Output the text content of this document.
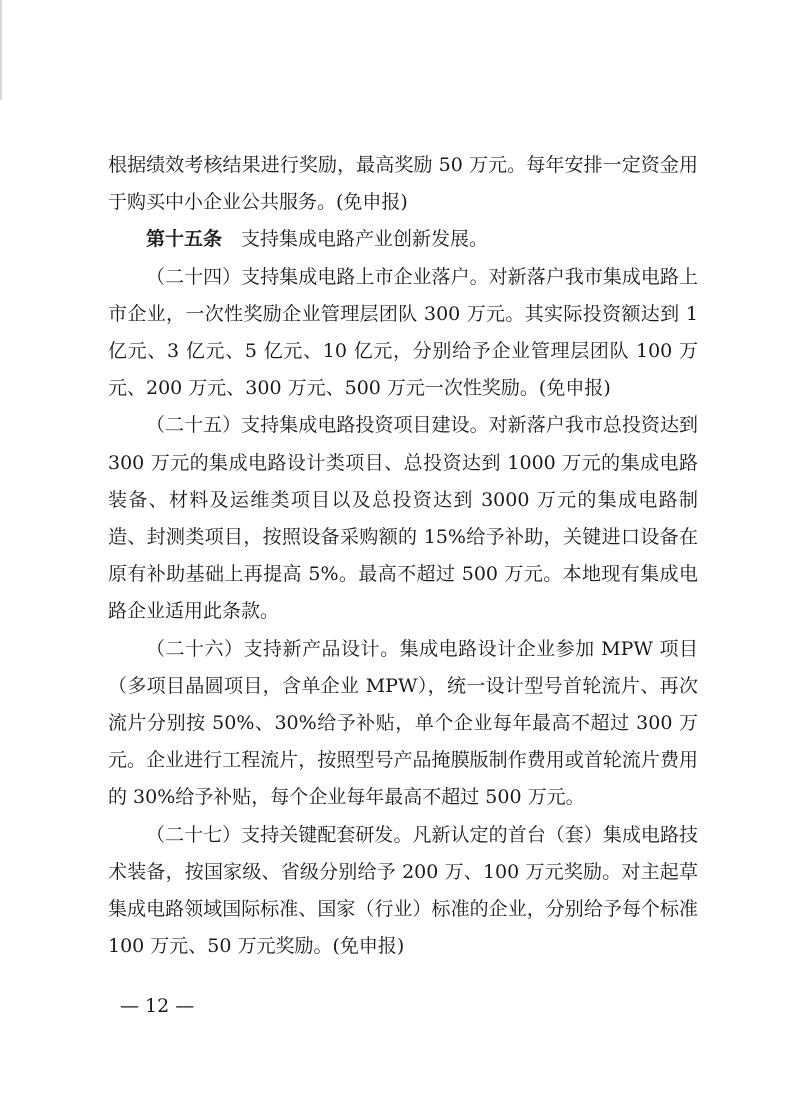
根据绩效考核结果进行奖励，最高奖励 50 万元。每年安排一定资金用于购买中小企业公共服务。(免申报)

第十五条 支持集成电路产业创新发展。

（二十四）支持集成电路上市企业落户。对新落户我市集成电路上市企业，一次性奖励企业管理层团队 300 万元。其实际投资额达到 1 亿元、3 亿元、5 亿元、10 亿元，分别给予企业管理层团队 100 万元、200 万元、300 万元、500 万元一次性奖励。(免申报)

（二十五）支持集成电路投资项目建设。对新落户我市总投资达到 300 万元的集成电路设计类项目、总投资达到 1000 万元的集成电路装备、材料及运维类项目以及总投资达到 3000 万元的集成电路制造、封测类项目，按照设备采购额的 15%给予补助，关键进口设备在原有补助基础上再提高 5%。最高不超过 500 万元。本地现有集成电路企业适用此条款。

（二十六）支持新产品设计。集成电路设计企业参加 MPW 项目（多项目晶圆项目，含单企业 MPW），统一设计型号首轮流片、再次流片分别按 50%、30%给予补贴，单个企业每年最高不超过 300 万元。企业进行工程流片，按照型号产品掩膜版制作费用或首轮流片费用的 30%给予补贴，每个企业每年最高不超过 500 万元。

（二十七）支持关键配套研发。凡新认定的首台（套）集成电路技术装备，按国家级、省级分别给予 200 万、100 万元奖励。对主起草集成电路领域国际标准、国家（行业）标准的企业，分别给予每个标准 100 万元、50 万元奖励。(免申报)

— 12 —
